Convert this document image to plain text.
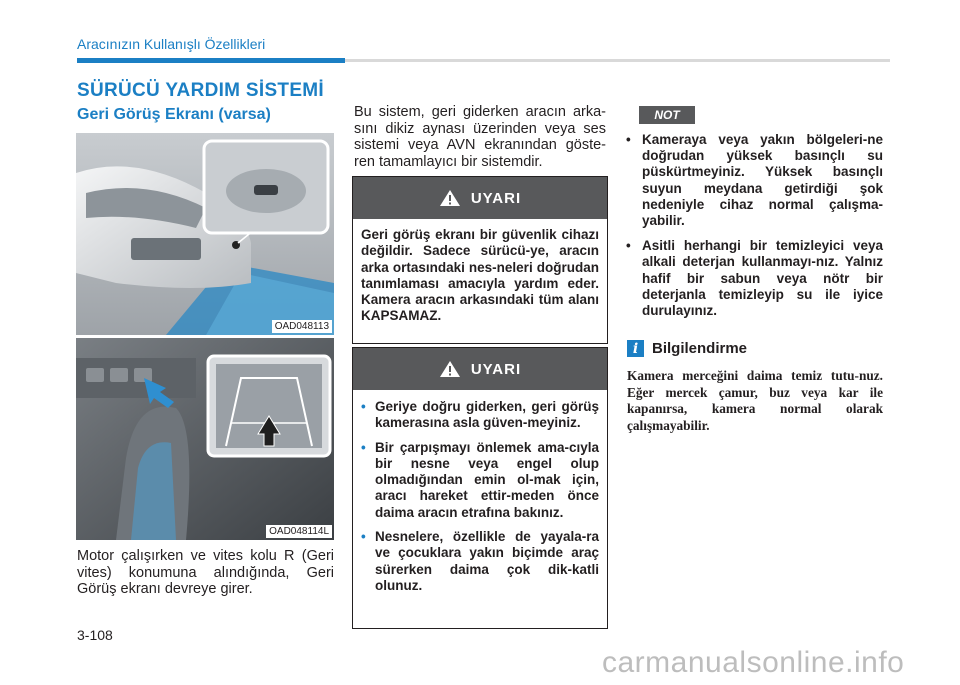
Aracınızın Kullanışlı Özellikleri
SÜRÜCÜ YARDIM SİSTEMİ
Geri Görüş Ekranı (varsa)
OAD048113
OAD048114L
Motor çalışırken ve vites kolu R (Geri vites) konumuna alındığında, Geri Görüş ekranı devreye girer.
Bu sistem, geri giderken aracın arka-sını dikiz aynası üzerinden veya ses sistemi veya AVN ekranından göste-ren tamamlayıcı bir sistemdir.
UYARI
Geri görüş ekranı bir güvenlik cihazı değildir. Sadece sürücü-ye, aracın arka ortasındaki nes-neleri doğrudan tanımlaması amacıyla yardım eder. Kamera aracın arkasındaki tüm alanı KAPSAMAZ.
UYARI
• Geriye doğru giderken, geri görüş kamerasına asla güven-meyiniz.
• Bir çarpışmayı önlemek ama-cıyla bir nesne veya engel olup olmadığından emin ol-mak için, aracı hareket ettir-meden önce daima aracın etrafına bakınız.
• Nesnelere, özellikle de yayala-ra ve çocuklara yakın biçimde araç sürerken daima çok dik-katli olunuz.
NOT
• Kameraya veya yakın bölgeleri-ne doğrudan yüksek basınçlı su püskürtmeyiniz. Yüksek basınçlı suyun meydana getirdiği şok nedeniyle cihaz normal çalışma-yabilir.
• Asitli herhangi bir temizleyici veya alkali deterjan kullanmayı-nız. Yalnız hafif bir sabun veya nötr bir deterjanla temizleyip su ile iyice durulayınız.
i Bilgilendirme
Kamera merceğini daima temiz tutu-nuz. Eğer mercek çamur, buz veya kar ile kapanırsa, kamera normal olarak çalışmayabilir.
3-108
carmanualsonline.info
